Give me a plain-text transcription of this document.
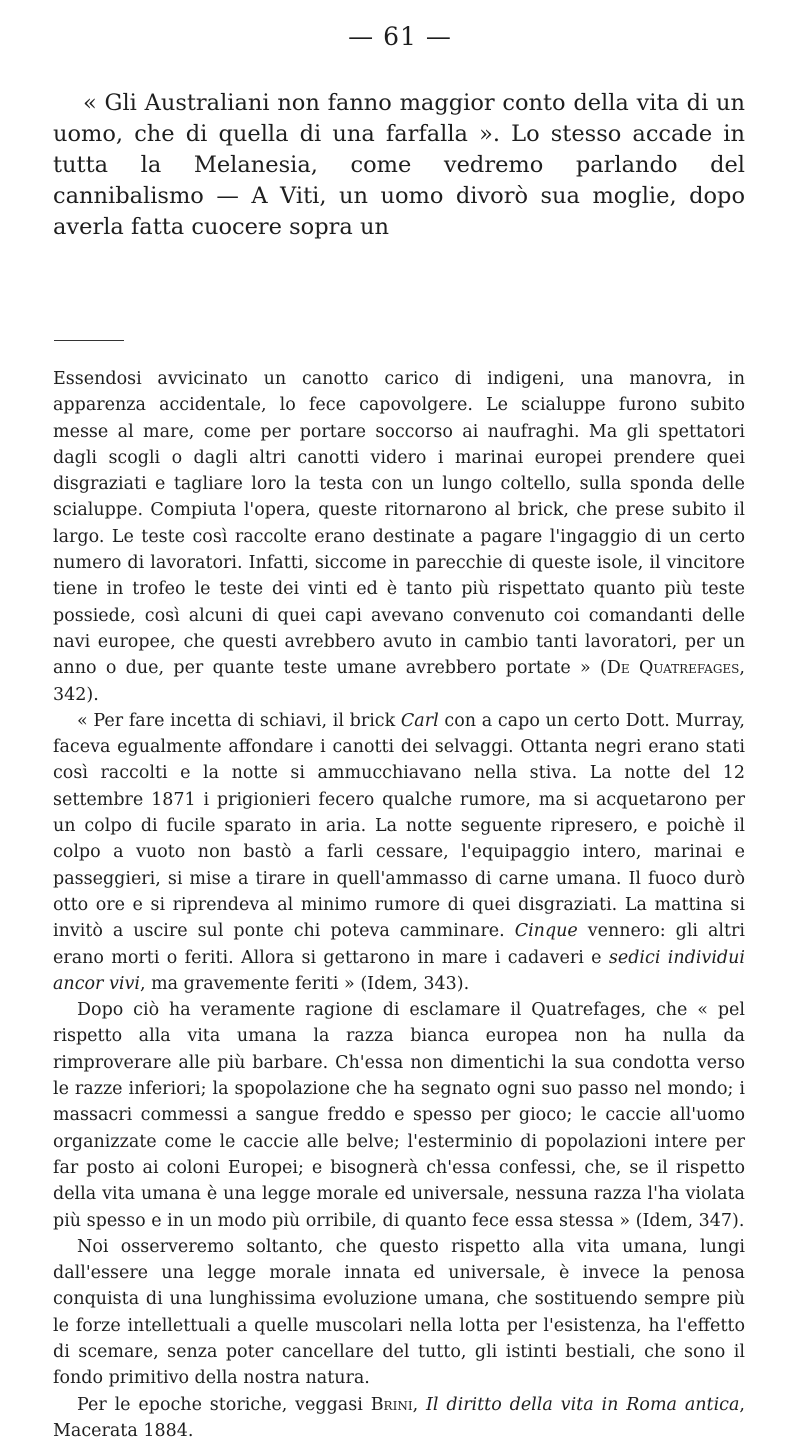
— 61 —

« Gli Australiani non fanno maggior conto della vita di un uomo, che di quella di una farfalla ». Lo stesso accade in tutta la Melanesia, come vedremo parlando del cannibalismo — A Viti, un uomo divorò sua moglie, dopo averla fatta cuocere sopra un

Essendosi avvicinato un canotto carico di indigeni, una manovra, in apparenza accidentale, lo fece capovolgere. Le scialuppe furono subito messe al mare, come per portare soccorso ai naufraghi. Ma gli spettatori dagli scogli o dagli altri canotti videro i marinai europei prendere quei disgraziati e tagliare loro la testa con un lungo coltello, sulla sponda delle scialuppe. Compiuta l'opera, queste ritornarono al brick, che prese subito il largo. Le teste così raccolte erano destinate a pagare l'ingaggio di un certo numero di lavoratori. Infatti, siccome in parecchie di queste isole, il vincitore tiene in trofeo le teste dei vinti ed è tanto più rispettato quanto più teste possiede, così alcuni di quei capi avevano convenuto coi comandanti delle navi europee, che questi avrebbero avuto in cambio tanti lavoratori, per un anno o due, per quante teste umane avrebbero portate » (De Quatrefages, 342).

« Per fare incetta di schiavi, il brick Carl con a capo un certo Dott. Murray, faceva egualmente affondare i canotti dei selvaggi. Ottanta negri erano stati così raccolti e la notte si ammucchiavano nella stiva. La notte del 12 settembre 1871 i prigionieri fecero qualche rumore, ma si acquetarono per un colpo di fucile sparato in aria. La notte seguente ripresero, e poichè il colpo a vuoto non bastò a farli cessare, l'equipaggio intero, marinai e passeggieri, si mise a tirare in quell'ammasso di carne umana. Il fuoco durò otto ore e si riprendeva al minimo rumore di quei disgraziati. La mattina si invitò a uscire sul ponte chi poteva camminare. Cinque vennero: gli altri erano morti o feriti. Allora si gettarono in mare i cadaveri e sedici individui ancor vivi, ma gravemente feriti » (Idem, 343).

Dopo ciò ha veramente ragione di esclamare il Quatrefages, che « pel rispetto alla vita umana la razza bianca europea non ha nulla da rimproverare alle più barbare. Ch'essa non dimentichi la sua condotta verso le razze inferiori; la spopolazione che ha segnato ogni suo passo nel mondo; i massacri commessi a sangue freddo e spesso per gioco; le caccie all'uomo organizzate come le caccie alle belve; l'esterminio di popolazioni intere per far posto ai coloni Europei; e bisognerà ch'essa confessi, che, se il rispetto della vita umana è una legge morale ed universale, nessuna razza l'ha violata più spesso e in un modo più orribile, di quanto fece essa stessa » (Idem, 347).

Noi osserveremo soltanto, che questo rispetto alla vita umana, lungi dall'essere una legge morale innata ed universale, è invece la penosa conquista di una lunghissima evoluzione umana, che sostituendo sempre più le forze intellettuali a quelle muscolari nella lotta per l'esistenza, ha l'effetto di scemare, senza poter cancellare del tutto, gli istinti bestiali, che sono il fondo primitivo della nostra natura.

Per le epoche storiche, veggasi Brini, Il diritto della vita in Roma antica, Macerata 1884.
